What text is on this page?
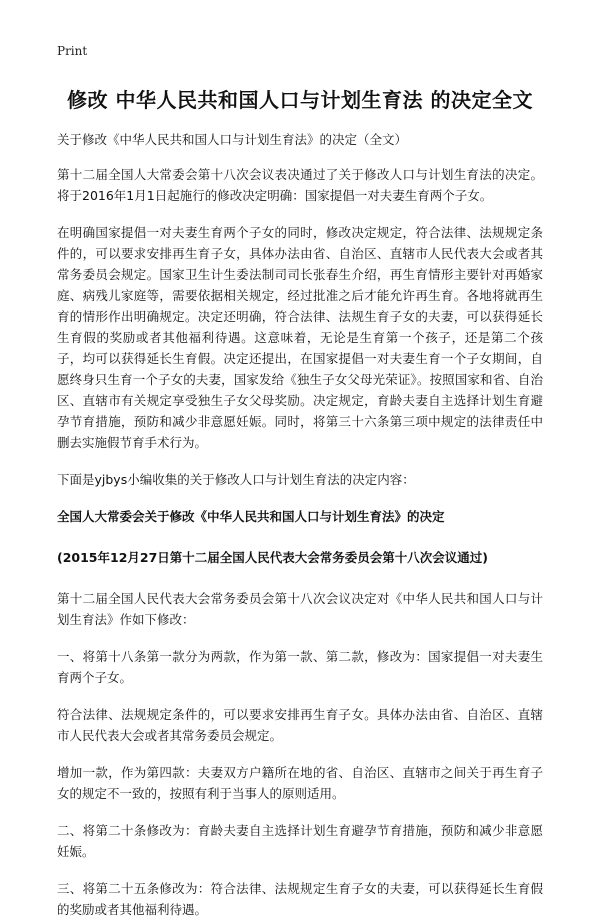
Print
修改 中华人民共和国人口与计划生育法 的决定全文

关于修改《中华人民共和国人口与计划生育法》的决定（全文）

第十二届全国人大常委会第十八次会议表决通过了关于修改人口与计划生育法的决定。将于2016年1月1日起施行的修改决定明确：国家提倡一对夫妻生育两个子女。

在明确国家提倡一对夫妻生育两个子女的同时，修改决定规定，符合法律、法规规定条件的，可以要求安排再生育子女，具体办法由省、自治区、直辖市人民代表大会或者其常务委员会规定。国家卫生计生委法制司司长张春生介绍，再生育情形主要针对再婚家庭、病残儿家庭等，需要依据相关规定，经过批准之后才能允许再生育。各地将就再生育的情形作出明确规定。决定还明确，符合法律、法规生育子女的夫妻，可以获得延长生育假的奖励或者其他福利待遇。这意味着，无论是生育第一个孩子，还是第二个孩子，均可以获得延长生育假。决定还提出，在国家提倡一对夫妻生育一个子女期间，自愿终身只生育一个子女的夫妻，国家发给《独生子女父母光荣证》。按照国家和省、自治区、直辖市有关规定享受独生子女父母奖励。决定规定，育龄夫妻自主选择计划生育避孕节育措施，预防和减少非意愿妊娠。同时，将第三十六条第三项中规定的法律责任中删去实施假节育手术行为。

下面是yjbys小编收集的关于修改人口与计划生育法的决定内容：

全国人大常委会关于修改《中华人民共和国人口与计划生育法》的决定

(2015年12月27日第十二届全国人民代表大会常务委员会第十八次会议通过)

第十二届全国人民代表大会常务委员会第十八次会议决定对《中华人民共和国人口与计划生育法》作如下修改：

一、将第十八条第一款分为两款，作为第一款、第二款，修改为：国家提倡一对夫妻生育两个子女。

符合法律、法规规定条件的，可以要求安排再生育子女。具体办法由省、自治区、直辖市人民代表大会或者其常务委员会规定。

增加一款，作为第四款：夫妻双方户籍所在地的省、自治区、直辖市之间关于再生育子女的规定不一致的，按照有利于当事人的原则适用。

二、将第二十条修改为：育龄夫妻自主选择计划生育避孕节育措施，预防和减少非意愿妊娠。

三、将第二十五条修改为：符合法律、法规规定生育子女的夫妻，可以获得延长生育假的奖励或者其他福利待遇。
